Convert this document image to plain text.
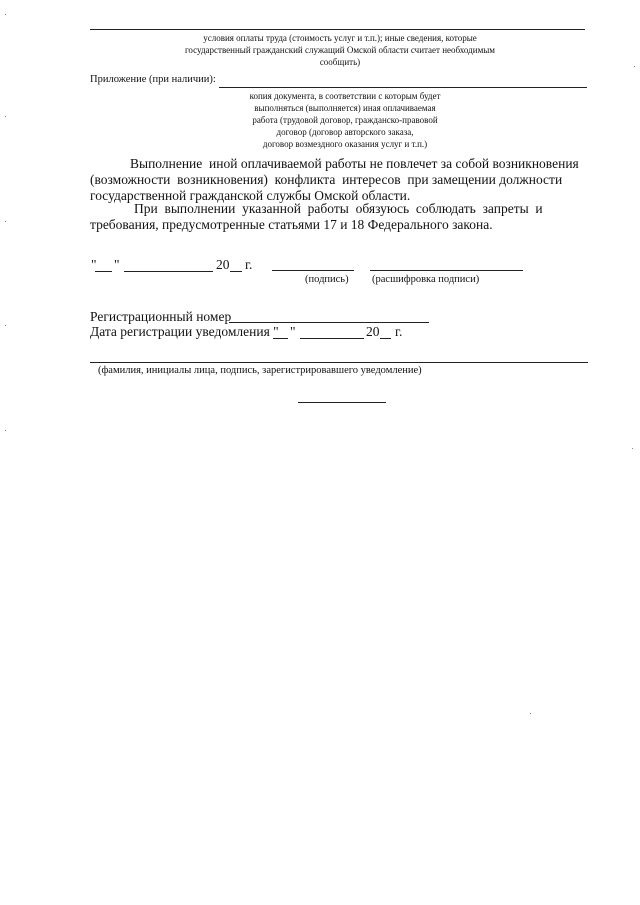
условия оплаты труда (стоимость услуг и т.п.); иные сведения, которые
государственный гражданский служащий Омской области считает необходимым
сообщить)
Приложение (при наличии):
копия документа, в соответствии с которым будет
выполняться (выполняется) иная оплачиваемая
работа (трудовой договор, гражданско-правовой
договор (договор авторского заказа,
договор возмездного оказания услуг и т.п.)
Выполнение  иной оплачиваемой работы не повлечет за собой возникновения
(возможности  возникновения)  конфликта  интересов  при замещении должности
государственной гражданской службы Омской области.
При  выполнении  указанной  работы  обязуюсь  соблюдать  запреты  и
требования, предусмотренные статьями 17 и 18 Федерального закона.
" "	20 г.
(подпись) (расшифровка подписи)
Регистрационный номер
Дата регистрации уведомления " "	20 г.
(фамилия, инициалы лица, подпись, зарегистрировавшего уведомление)
